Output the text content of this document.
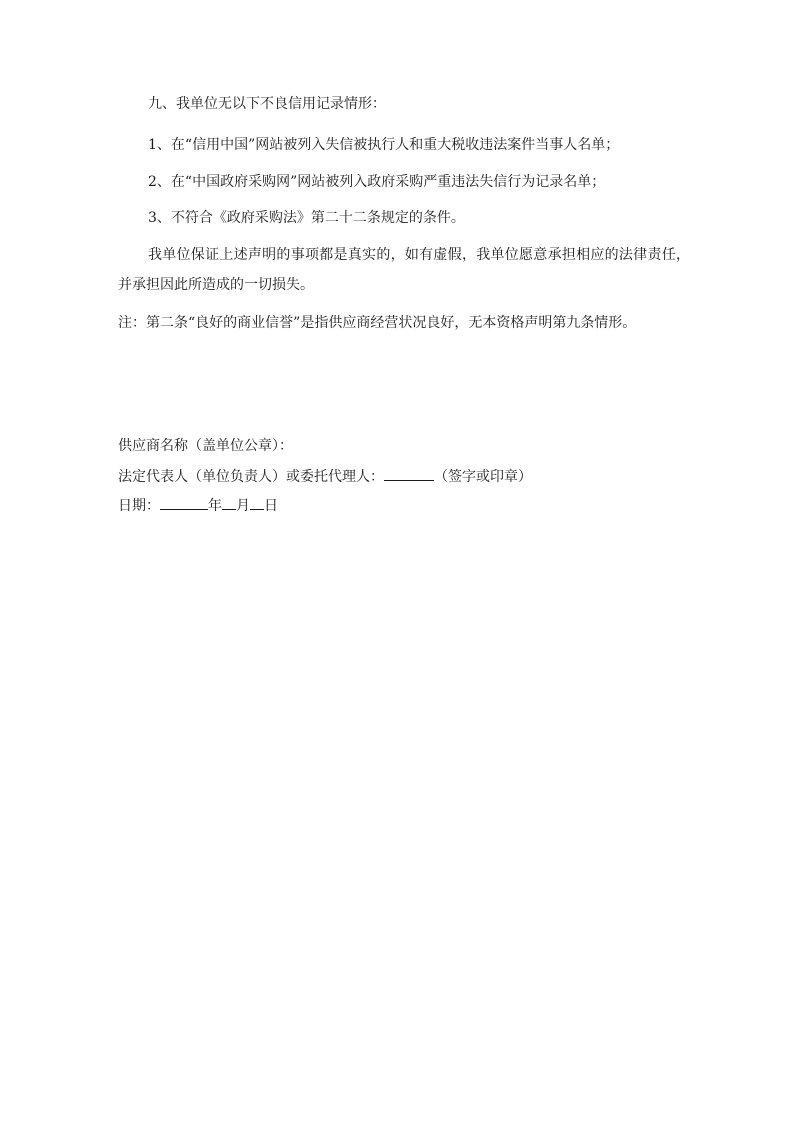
九、我单位无以下不良信用记录情形：
1、在“信用中国”网站被列入失信被执行人和重大税收违法案件当事人名单；
2、在“中国政府采购网”网站被列入政府采购严重违法失信行为记录名单；
3、不符合《政府采购法》第二十二条规定的条件。
我单位保证上述声明的事项都是真实的，如有虚假，我单位愿意承担相应的法律责任，并承担因此所造成的一切损失。
注：第二条“良好的商业信誉”是指供应商经营状况良好，无本资格声明第九条情形。
供应商名称（盖单位公章）：
法定代表人（单位负责人）或委托代理人：	（签字或印章）
日期：	年 月 日
